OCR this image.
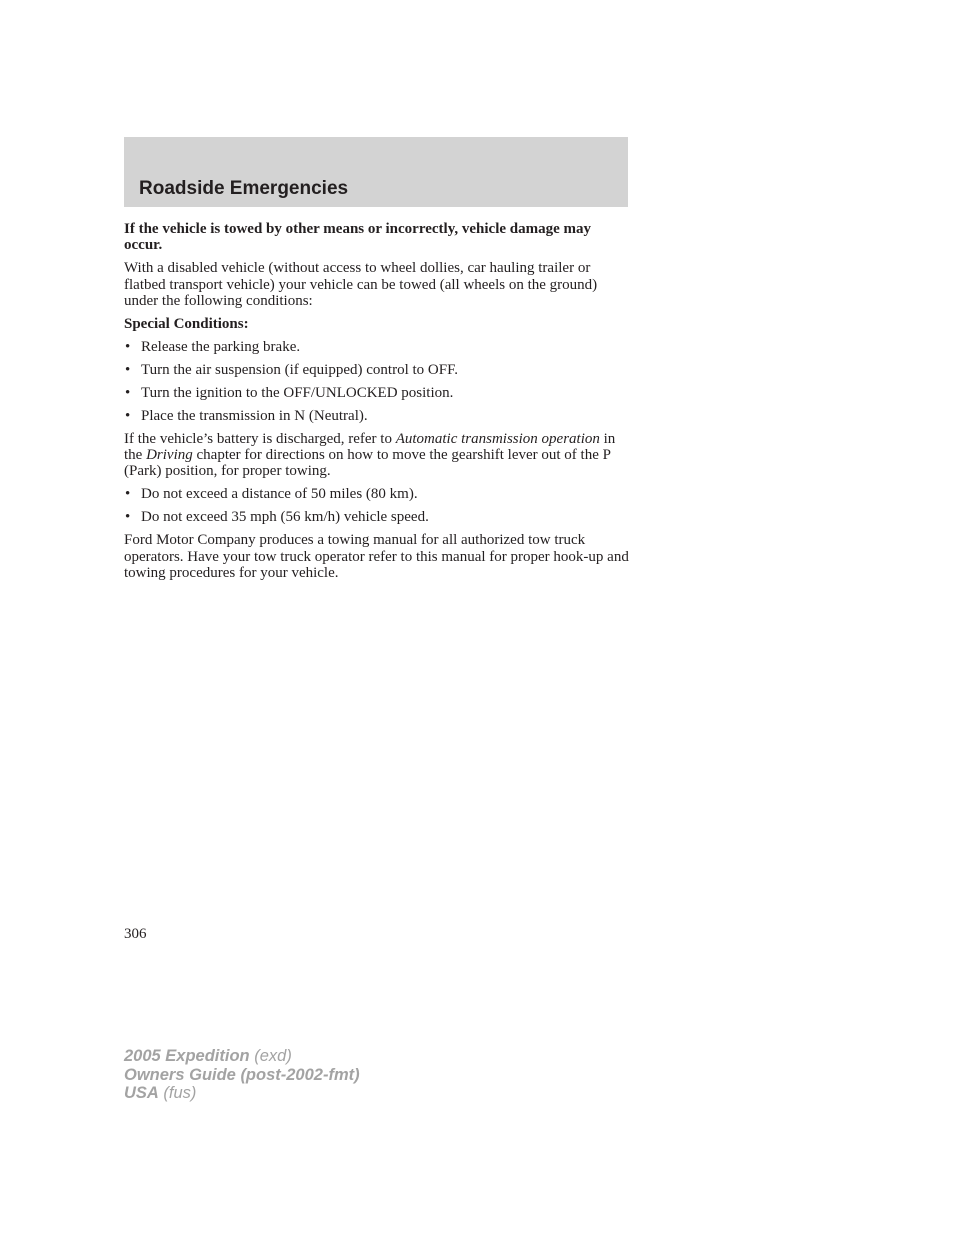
Roadside Emergencies

If the vehicle is towed by other means or incorrectly, vehicle damage may occur.

With a disabled vehicle (without access to wheel dollies, car hauling trailer or flatbed transport vehicle) your vehicle can be towed (all wheels on the ground) under the following conditions:

Special Conditions:

• Release the parking brake.
• Turn the air suspension (if equipped) control to OFF.
• Turn the ignition to the OFF/UNLOCKED position.
• Place the transmission in N (Neutral).

If the vehicle’s battery is discharged, refer to Automatic transmission operation in the Driving chapter for directions on how to move the gearshift lever out of the P (Park) position, for proper towing.

• Do not exceed a distance of 50 miles (80 km).
• Do not exceed 35 mph (56 km/h) vehicle speed.

Ford Motor Company produces a towing manual for all authorized tow truck operators. Have your tow truck operator refer to this manual for proper hook-up and towing procedures for your vehicle.

306
2005 Expedition (exd)
Owners Guide (post-2002-fmt)
USA (fus)
